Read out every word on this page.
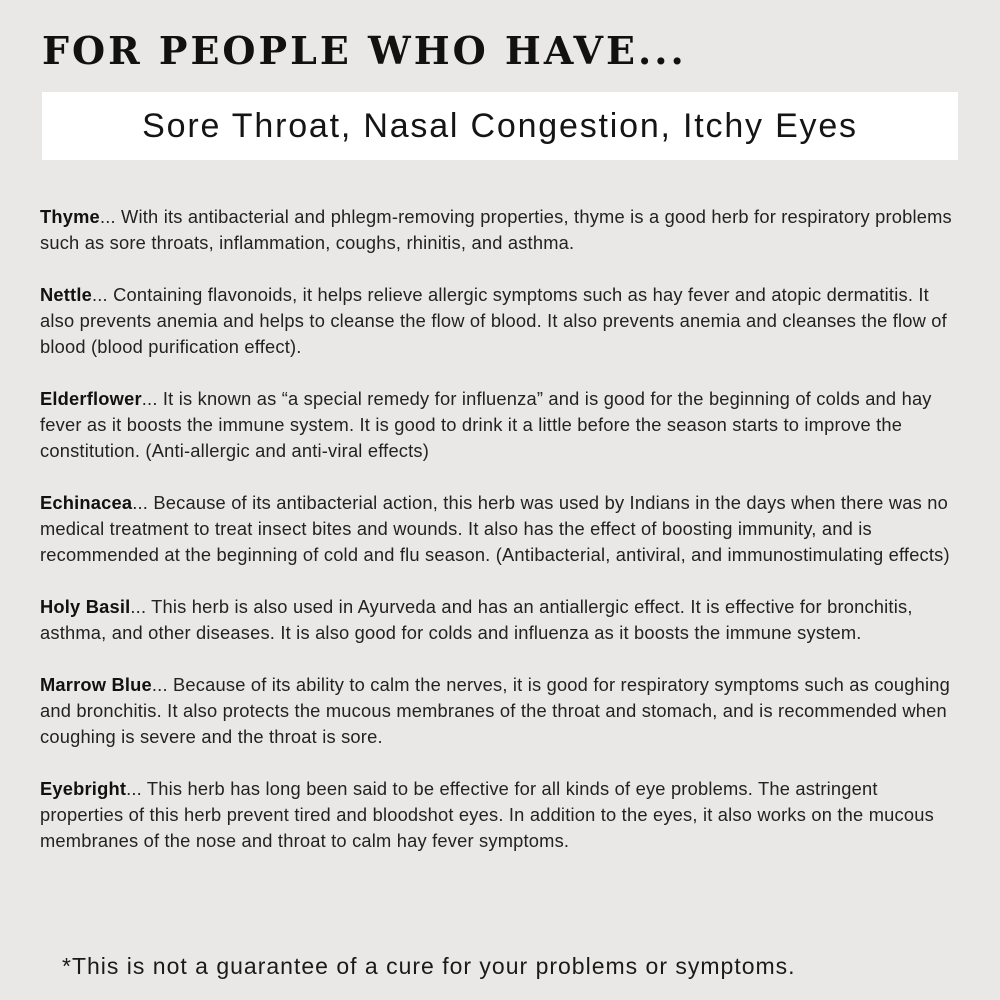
FOR PEOPLE WHO HAVE...
Sore Throat, Nasal Congestion, Itchy Eyes

Thyme... With its antibacterial and phlegm-removing properties, thyme is a good herb for respiratory problems such as sore throats, inflammation, coughs, rhinitis, and asthma.

Nettle... Containing flavonoids, it helps relieve allergic symptoms such as hay fever and atopic dermatitis. It also prevents anemia and helps to cleanse the flow of blood. It also prevents anemia and cleanses the flow of blood (blood purification effect).

Elderflower... It is known as “a special remedy for influenza” and is good for the beginning of colds and hay fever as it boosts the immune system. It is good to drink it a little before the season starts to improve the constitution. (Anti-allergic and anti-viral effects)

Echinacea... Because of its antibacterial action, this herb was used by Indians in the days when there was no medical treatment to treat insect bites and wounds. It also has the effect of boosting immunity, and is recommended at the beginning of cold and flu season. (Antibacterial, antiviral, and immunostimulating effects)

Holy Basil... This herb is also used in Ayurveda and has an antiallergic effect. It is effective for bronchitis, asthma, and other diseases. It is also good for colds and influenza as it boosts the immune system.

Marrow Blue... Because of its ability to calm the nerves, it is good for respiratory symptoms such as coughing and bronchitis. It also protects the mucous membranes of the throat and stomach, and is recommended when coughing is severe and the throat is sore.

Eyebright... This herb has long been said to be effective for all kinds of eye problems. The astringent properties of this herb prevent tired and bloodshot eyes. In addition to the eyes, it also works on the mucous membranes of the nose and throat to calm hay fever symptoms.

*This is not a guarantee of a cure for your problems or symptoms.
